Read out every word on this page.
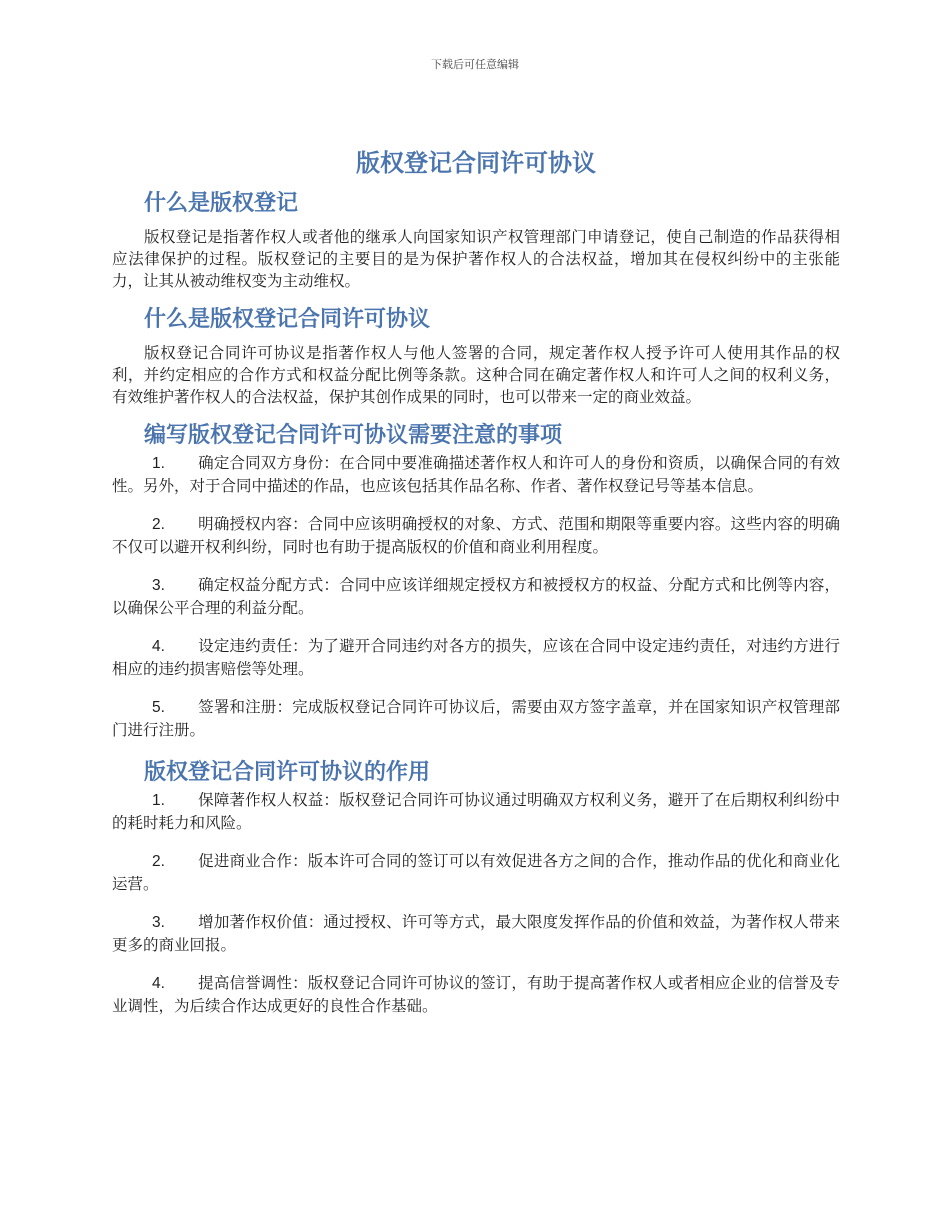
下载后可任意编辑
版权登记合同许可协议
什么是版权登记

版权登记是指著作权人或者他的继承人向国家知识产权管理部门申请登记，使自己制造的作品获得相应法律保护的过程。版权登记的主要目的是为保护著作权人的合法权益，增加其在侵权纠纷中的主张能力，让其从被动维权变为主动维权。

什么是版权登记合同许可协议

版权登记合同许可协议是指著作权人与他人签署的合同，规定著作权人授予许可人使用其作品的权利，并约定相应的合作方式和权益分配比例等条款。这种合同在确定著作权人和许可人之间的权利义务，有效维护著作权人的合法权益，保护其创作成果的同时，也可以带来一定的商业效益。

编写版权登记合同许可协议需要注意的事项
1. 确定合同双方身份：在合同中要准确描述著作权人和许可人的身份和资质，以确保合同的有效性。另外，对于合同中描述的作品，也应该包括其作品名称、作者、著作权登记号等基本信息。
2. 明确授权内容：合同中应该明确授权的对象、方式、范围和期限等重要内容。这些内容的明确不仅可以避开权利纠纷，同时也有助于提高版权的价值和商业利用程度。
3. 确定权益分配方式：合同中应该详细规定授权方和被授权方的权益、分配方式和比例等内容，以确保公平合理的利益分配。
4. 设定违约责任：为了避开合同违约对各方的损失，应该在合同中设定违约责任，对违约方进行相应的违约损害赔偿等处理。
5. 签署和注册：完成版权登记合同许可协议后，需要由双方签字盖章，并在国家知识产权管理部门进行注册。
版权登记合同许可协议的作用
1. 保障著作权人权益：版权登记合同许可协议通过明确双方权利义务，避开了在后期权利纠纷中的耗时耗力和风险。
2. 促进商业合作：版本许可合同的签订可以有效促进各方之间的合作，推动作品的优化和商业化运营。
3. 增加著作权价值：通过授权、许可等方式，最大限度发挥作品的价值和效益，为著作权人带来更多的商业回报。
4. 提高信誉调性：版权登记合同许可协议的签订，有助于提高著作权人或者相应企业的信誉及专业调性，为后续合作达成更好的良性合作基础。
